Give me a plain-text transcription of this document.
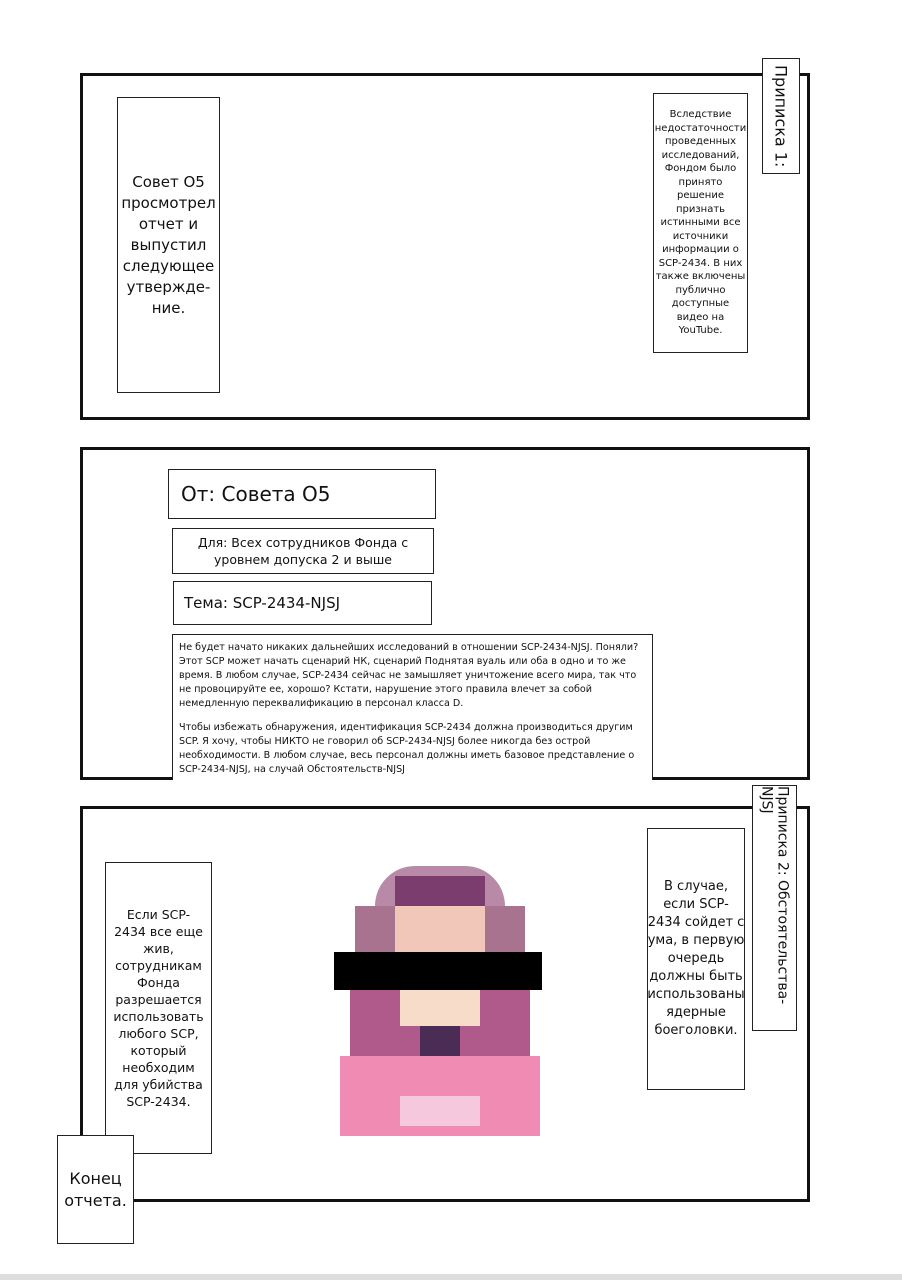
Совет О5 просмотрел отчет и выпустил следующее утвержде-ние.
Вследствие недостаточности проведенных исследований, Фондом было принято решение признать истинными все источники информации о SCP-2434. В них также включены публично доступные видео на YouTube.
Приписка 1:
От: Совета О5
Для: Всех сотрудников Фонда с уровнем допуска 2 и выше
Тема: SCP-2434-NJSJ
Не будет начато никаких дальнейших исследований в отношении SCP-2434-NJSJ. Поняли? Этот SCP может начать сценарий НК, сценарий Поднятая вуаль или оба в одно и то же время. В любом случае, SCP-2434 сейчас не замышляет уничтожение всего мира, так что не провоцируйте ее, хорошо? Кстати, нарушение этого правила влечет за собой немедленную переквалификацию в персонал класса D.
Чтобы избежать обнаружения, идентификация SCP-2434 должна производиться другим SCP. Я хочу, чтобы НИКТО не говорил об SCP-2434-NJSJ более никогда без острой необходимости. В любом случае, весь персонал должны иметь базовое представление о SCP-2434-NJSJ, на случай Обстоятельств-NJSJ
Если SCP-2434 все еще жив, сотрудникам Фонда разрешается использовать любого SCP, который необходим для убийства SCP-2434.
В случае, если SCP-2434 сойдет с ума, в первую очередь должны быть использованы ядерные боеголовки.
Приписка 2: Обстоятельства-NJSJ
Конец отчета.
